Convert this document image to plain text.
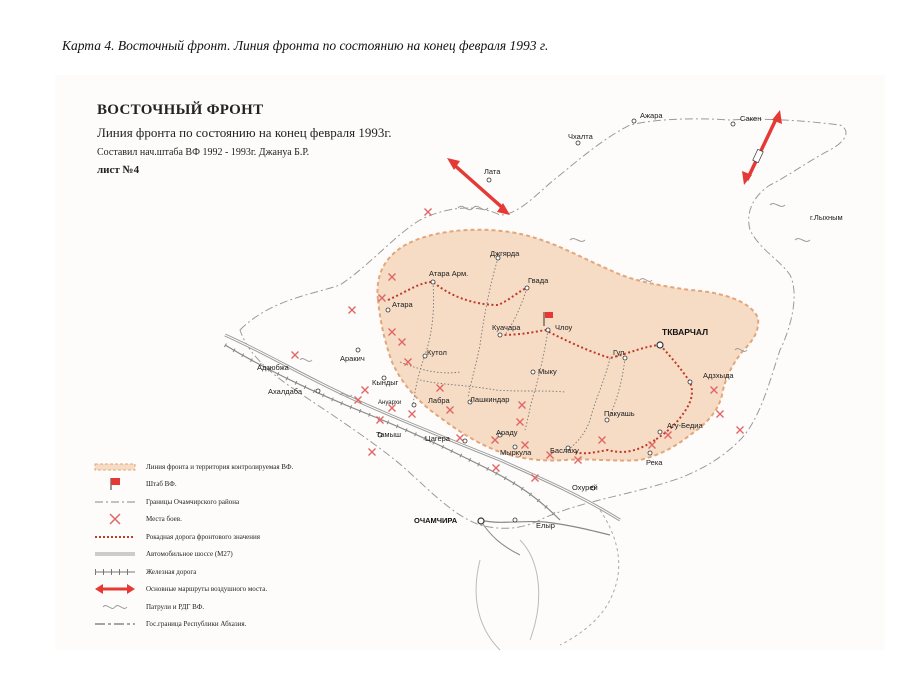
Карта 4. Восточный фронт. Линия фронта по состоянию на конец февраля 1993 г.
Ажара	Сакен
Чхалта
Лата
г.Лыхным
Джгярда
Атара Арм.
Гвада
Атара
Куачара	Члоу	ТКВАРЧАЛ
Аракич
Кутол	Гуп
Адзюбжа	Мыку	Адзхыда
Кындыг
Ахалдаба
Ануархи	Лабра	Лашкиндар
Пакуашь
Агу-Бедиа
Арадy
Тамыш	Цагера
Мыркула Баслаху
Река
Охурей
ОЧАМЧИРА
Елыр
ВОСТОЧНЫЙ ФРОНТ
Линия фронта по состоянию на конец февраля 1993г.
Составил нач.штаба ВФ 1992 - 1993г. Джануа Б.Р.
лист №4
Линия фронта и территория контролируемая ВФ.
Штаб ВФ.
Границы Очамчирского района
Места боев.
Рокадная дорога фронтового значения
Автомобильное шоссе (М27)
Железная дорога
Основные маршруты воздушного моста.
Патрули и РДГ ВФ.
Гос.граница Республики Абхазия.
